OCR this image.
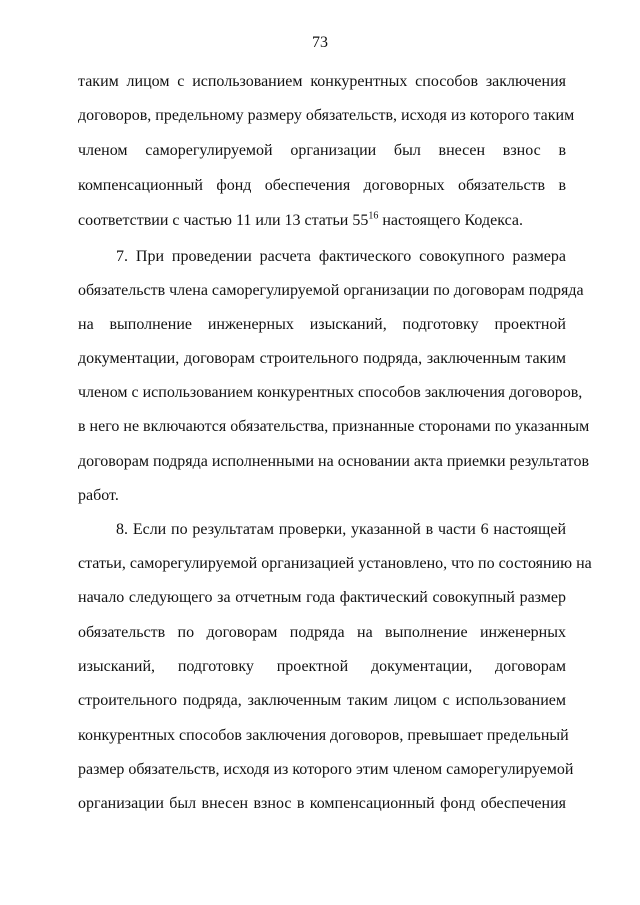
73
таким лицом с использованием конкурентных способов заключения
договоров, предельному размеру обязательств, исходя из которого таким
членом саморегулируемой организации был внесен взнос в
компенсационный фонд обеспечения договорных обязательств в
соответствии с частью 11 или 13 статьи $55^{16}$ настоящего Кодекса.
7. При проведении расчета фактического совокупного размера
обязательств члена саморегулируемой организации по договорам подряда
на выполнение инженерных изысканий, подготовку проектной
документации, договорам строительного подряда, заключенным таким
членом с использованием конкурентных способов заключения договоров,
в него не включаются обязательства, признанные сторонами по указанным
договорам подряда исполненными на основании акта приемки результатов
работ.
8. Если по результатам проверки, указанной в части 6 настоящей
статьи, саморегулируемой организацией установлено, что по состоянию на
начало следующего за отчетным года фактический совокупный размер
обязательств по договорам подряда на выполнение инженерных
изысканий, подготовку проектной документации, договорам
строительного подряда, заключенным таким лицом с использованием
конкурентных способов заключения договоров, превышает предельный
размер обязательств, исходя из которого этим членом саморегулируемой
организации был внесен взнос в компенсационный фонд обеспечения
